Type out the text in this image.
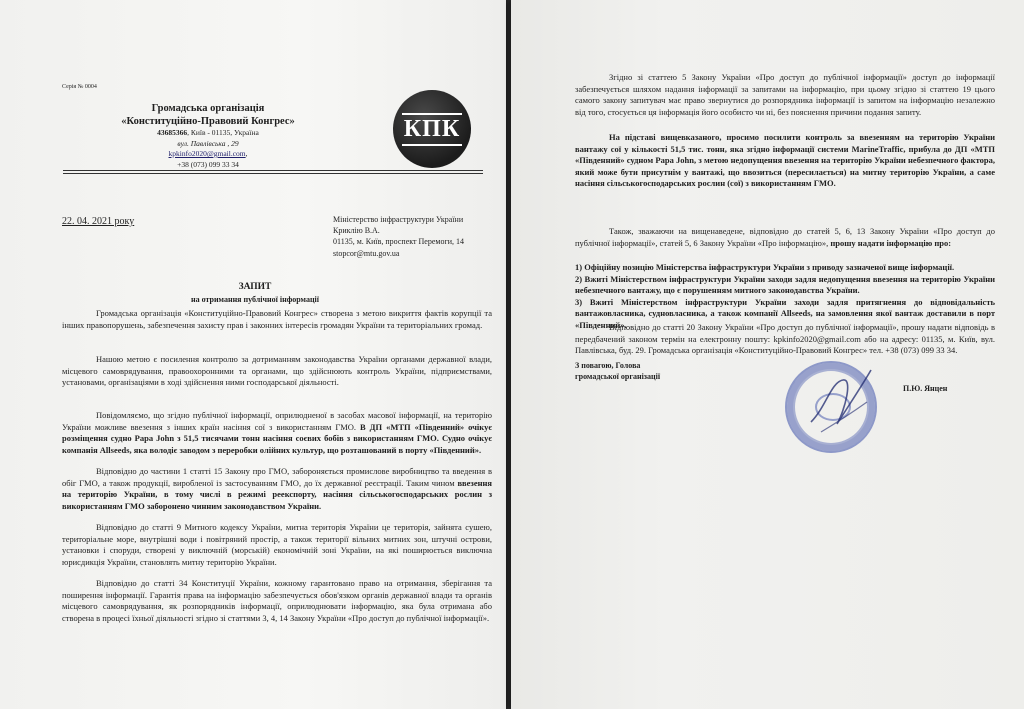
Серія № 0004
Громадська організація
«Конституційно-Правовий Конгрес»
43685366, Київ - 01135, Україна
вул. Павлівська , 29
kpkinfo2020@gmail.com,
+38 (073) 099 33 34
КПК
22. 04. 2021 року	Міністерство інфраструктури України
Криклію В.А.
01135, м. Київ, проспект Перемоги, 14
stopcor@mtu.gov.ua
ЗАПИТ
на отримання публічної інформації
Громадська організація «Конституційно-Правовий Конгрес» створена з метою викриття фактів корупції та інших правопорушень, забезпечення захисту прав і законних інтересів громадян України та територіальних громад.
Нашою метою є посилення контролю за дотриманням законодавства України органами державної влади, місцевого самоврядування, правоохоронними та органами, що здійснюють контроль України, підприємствами, установами, організаціями в ході здійснення ними господарської діяльності.
Повідомляємо, що згідно публічної інформації, оприлюдненої в засобах масової інформації, на територію України можливе ввезення з інших країн насіння сої з використанням ГМО. В ДП «МТП «Південний» очікує розміщення судно Papa John з 51,5 тисячами тонн насіння соєвих бобів з використанням ГМО. Судно очікує компанія Allseeds, яка володіє заводом з переробки олійних культур, що розташований в порту «Південний».
Відповідно до частини 1 статті 15 Закону про ГМО, забороняється промислове виробництво та введення в обіг ГМО, а також продукції, виробленої із застосуванням ГМО, до їх державної реєстрації. Таким чином ввезення на територію України, в тому числі в режимі реекспорту, насіння сільськогосподарських рослин з використанням ГМО заборонено чинним законодавством України.
Відповідно до статті 9 Митного кодексу України, митна територія України це територія, зайнята сушею, територіальне море, внутрішні води і повітряний простір, а також території вільних митних зон, штучні острови, установки і споруди, створені у виключній (морській) економічній зоні України, на які поширюється виключна юрисдикція України, становлять митну територію України.
Відповідно до статті 34 Конституції України, кожному гарантовано право на отримання, зберігання та поширення інформації. Гарантія права на інформацію забезпечується обов'язком органів державної влади та органів місцевого самоврядування, як розпорядників інформації, оприлюднювати інформацію, яка була отримана або створена в процесі їхньої діяльності згідно зі статтями 3, 4, 14 Закону України «Про доступ до публічної інформації».
Згідно зі статтею 5 Закону України «Про доступ до публічної інформації» доступ до інформації забезпечується шляхом надання інформації за запитами на інформацію, при цьому згідно зі статтею 19 цього самого закону запитувач має право звернутися до розпорядника інформації із запитом на інформацію незалежно від того, стосується ця інформація його особисто чи ні, без пояснення причини подання запиту.
На підставі вищевказаного, просимо посилити контроль за ввезенням на територію України вантажу сої у кількості 51,5 тис. тонн, яка згідно інформації системи MarineTraffic, прибула до ДП «МТП «Південний» судном Papa John, з метою недопущення ввезення на територію України небезпечного фактора, який може бути присутнім у вантажі, що ввозиться (пересилається) на митну територію України, а саме насіння сільськогосподарських рослин (сої) з використанням ГМО.
Також, зважаючи на вищенаведене, відповідно до статей 5, 6, 13 Закону України «Про доступ до публічної інформації», статей 5, 6 Закону України «Про інформацію», прошу надати інформацію про:
1) Офіційну позицію Міністерства інфраструктури України з приводу зазначеної вище інформації.
2) Вжиті Міністерством інфраструктури України заходи задля недопущення ввезення на територію України небезпечного вантажу, що є порушенням митного законодавства України.
3) Вжиті Міністерством інфраструктури України заходи задля притягнення до відповідальність вантажовласника, судновласника, а також компанії Allseeds, на замовлення якої вантаж доставили в порт «Південний».
Відповідно до статті 20 Закону України «Про доступ до публічної інформації», прошу надати відповідь в передбачений законом термін на електронну пошту: kpkinfo2020@gmail.com або на адресу: 01135, м. Київ, вул. Павлівська, буд. 29. Громадська організація «Конституційно-Правовий Конгрес» тел. +38 (073) 099 33 34.
З повагою, Голова
громадської організації
П.Ю. Янцен
